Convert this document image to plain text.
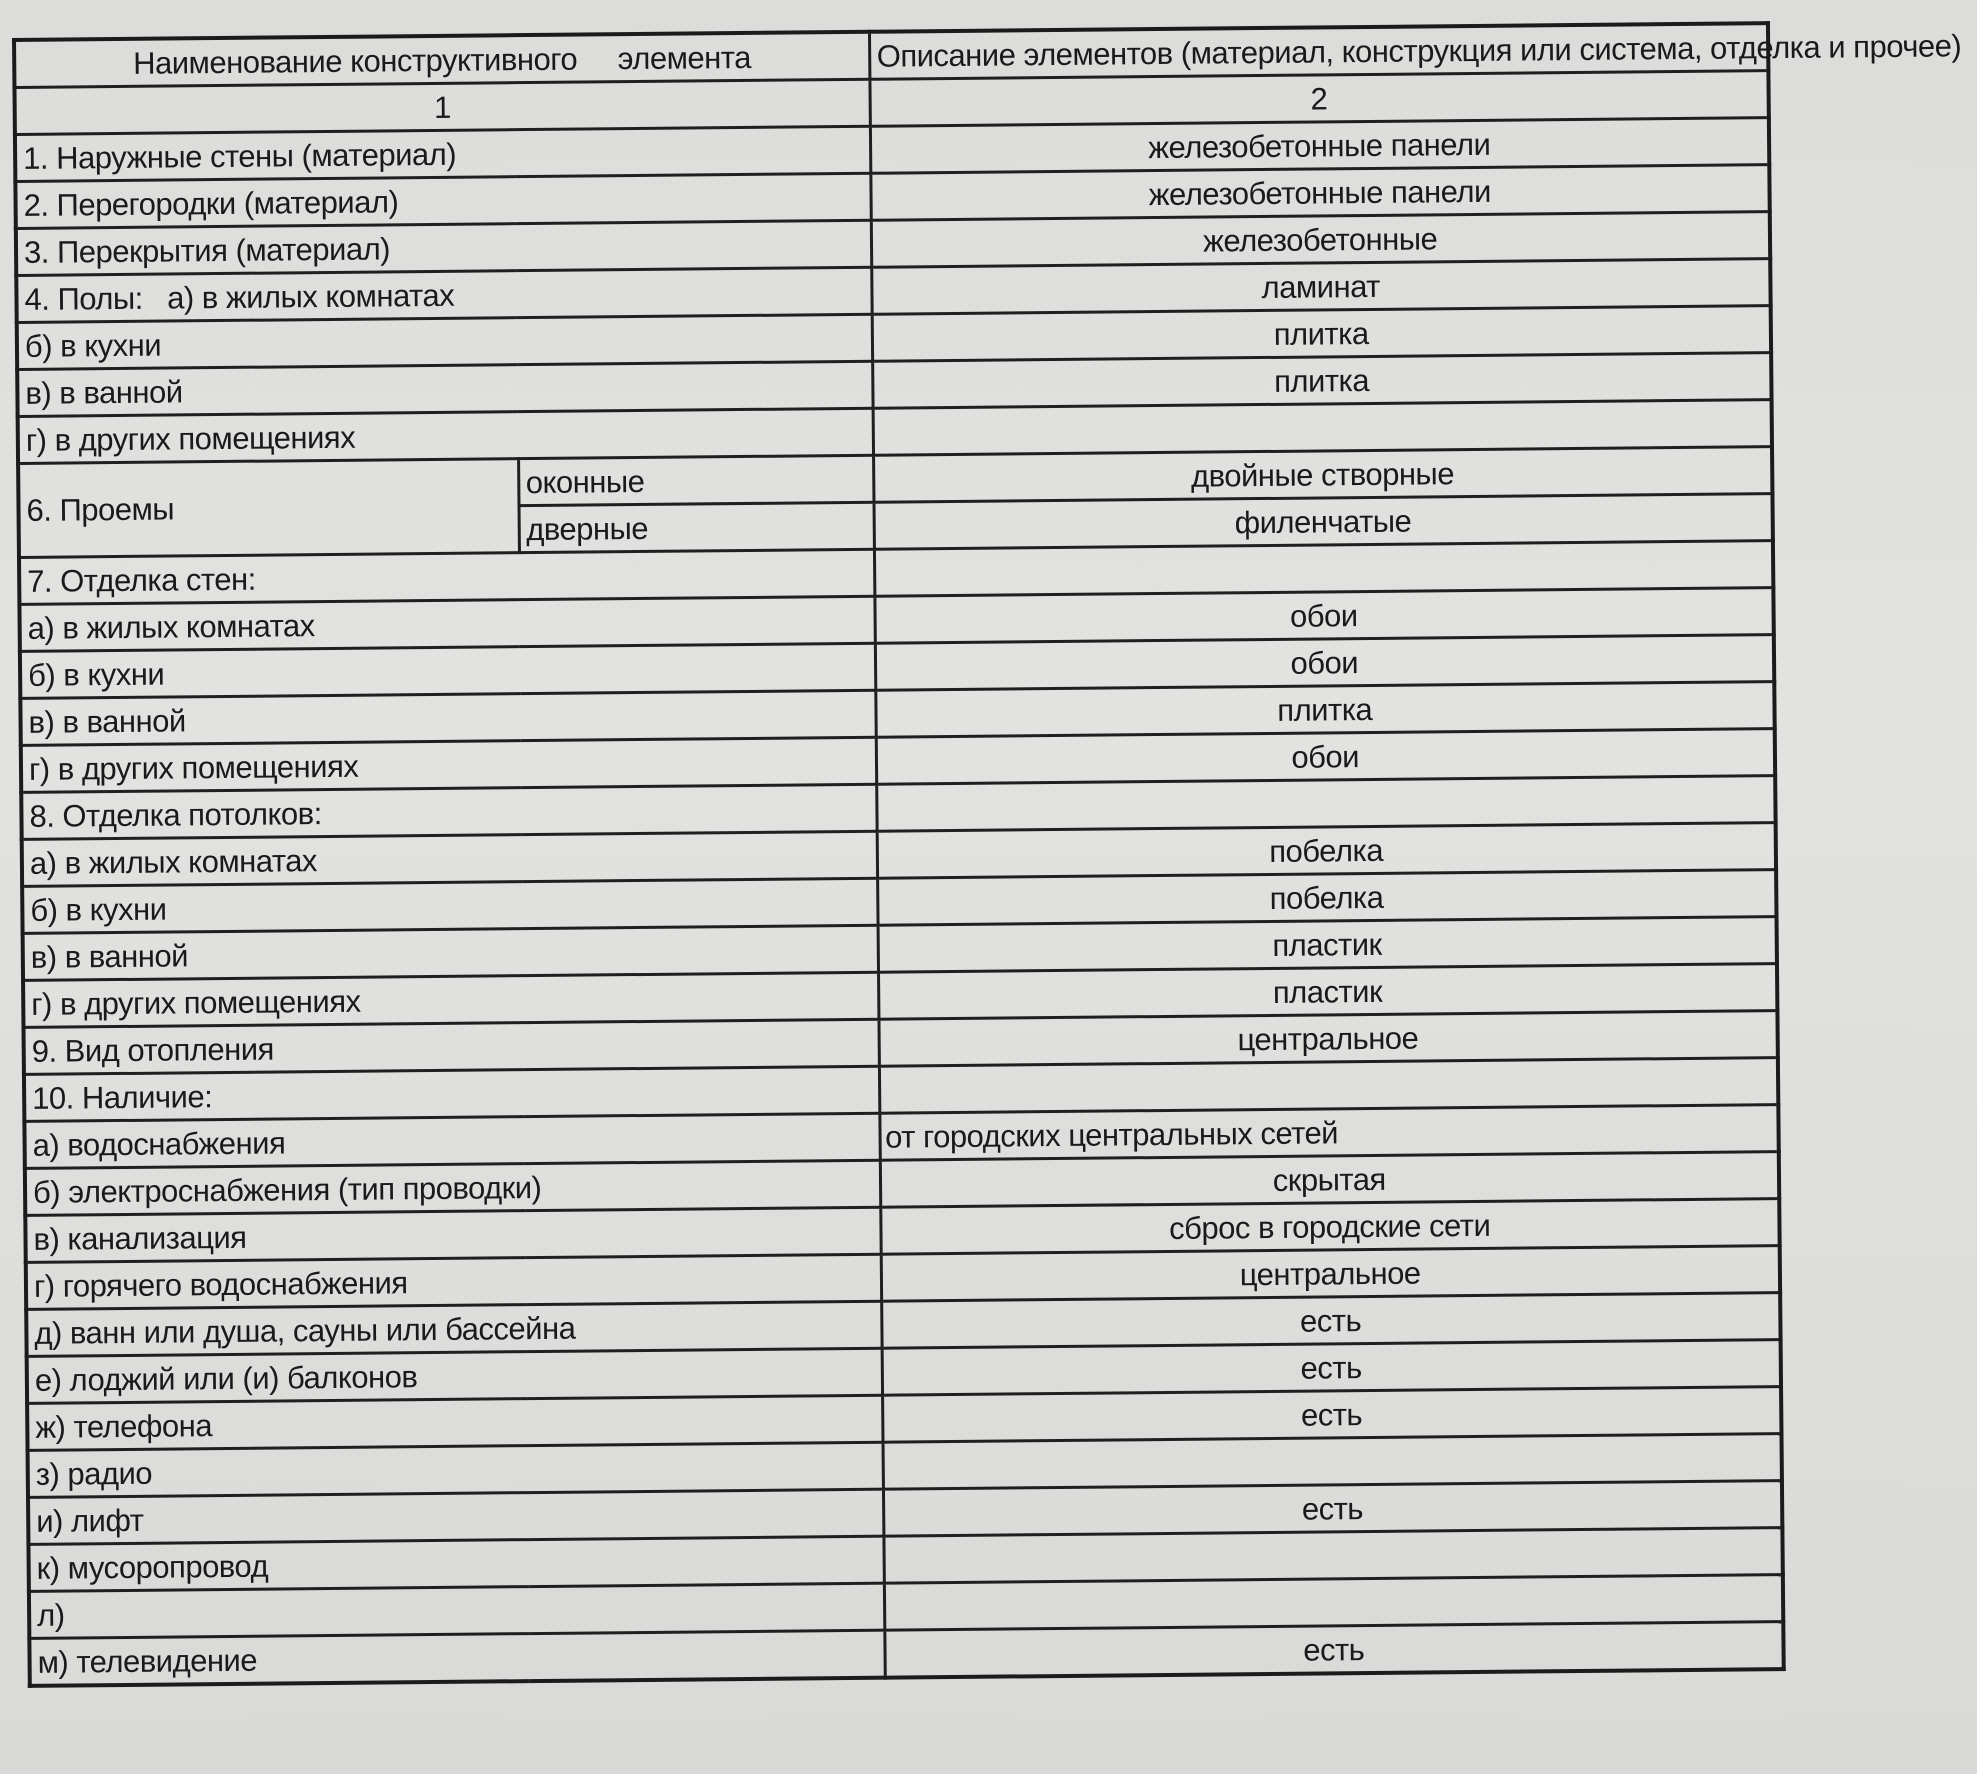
Наименование конструктивного     элемента		Описание элементов (материал, конструкция или система, отделка и прочее)
1		2
1. Наружные стены (материал)		железобетонные панели
2. Перегородки (материал)		железобетонные панели
3. Перекрытия (материал)		железобетонные
4. Полы:   а) в жилых комнатах		ламинат
б) в кухни		плитка
в) в ванной		плитка
г) в других помещениях		
6. Проемы	оконные	двойные створные
	дверные	филенчатые
7. Отделка стен:		
а) в жилых комнатах		обои
б) в кухни		обои
в) в ванной		плитка
г) в других помещениях		обои
8. Отделка потолков:		
а) в жилых комнатах		побелка
б) в кухни		побелка
в) в ванной		пластик
г) в других помещениях		пластик
9. Вид отопления		центральное
10. Наличие:		
а) водоснабжения		от городских центральных сетей
б) электроснабжения (тип проводки)		скрытая
в) канализация		сброс в городские сети
г) горячего водоснабжения		центральное
д) ванн или душа, сауны или бассейна		есть
е) лоджий или (и) балконов		есть
ж) телефона		есть
з) радио		
и) лифт		есть
к) мусоропровод		
л)		
м) телевидение		есть
